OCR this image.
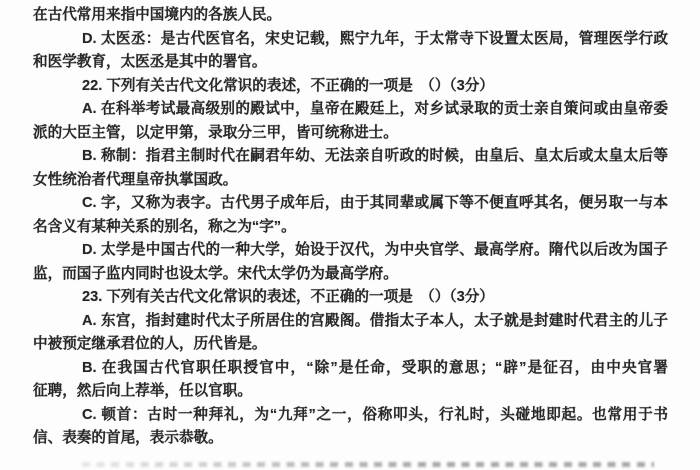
在古代常用来指中国境内的各族人民。
D. 太医丞：是古代医官名，宋史记载，熙宁九年，于太常寺下设置太医局，管理医学行政
和医学教育，太医丞是其中的署官。
22. 下列有关古代文化常识的表述，不正确的一项是　（）（3分）
A. 在科举考试最高级别的殿试中，皇帝在殿廷上，对乡试录取的贡士亲自策问或由皇帝委
派的大臣主管，以定甲第，录取分三甲，皆可统称进士。
B. 称制：指君主制时代在嗣君年幼、无法亲自听政的时候，由皇后、皇太后或太皇太后等
女性统治者代理皇帝执掌国政。
C. 字，又称为表字。古代男子成年后，由于其同辈或属下等不便直呼其名，便另取一与本
名含义有某种关系的别名，称之为“字”。
D. 太学是中国古代的一种大学，始设于汉代，为中央官学、最高学府。隋代以后改为国子
监，而国子监内同时也设太学。宋代太学仍为最高学府。
23. 下列有关古代文化常识的表述，不正确的一项是　（）（3分）
A. 东宫，指封建时代太子所居住的宫殿阁。借指太子本人，太子就是封建时代君主的儿子
中被预定继承君位的人，历代皆是。
B. 在我国古代官职任职授官中，“除”是任命，受职的意思；“辟”是征召，由中央官署
征聘，然后向上荐举，任以官职。
C. 顿首：古时一种拜礼，为“九拜”之一，俗称叩头，行礼时，头碰地即起。也常用于书
信、表奏的首尾，表示恭敬。
